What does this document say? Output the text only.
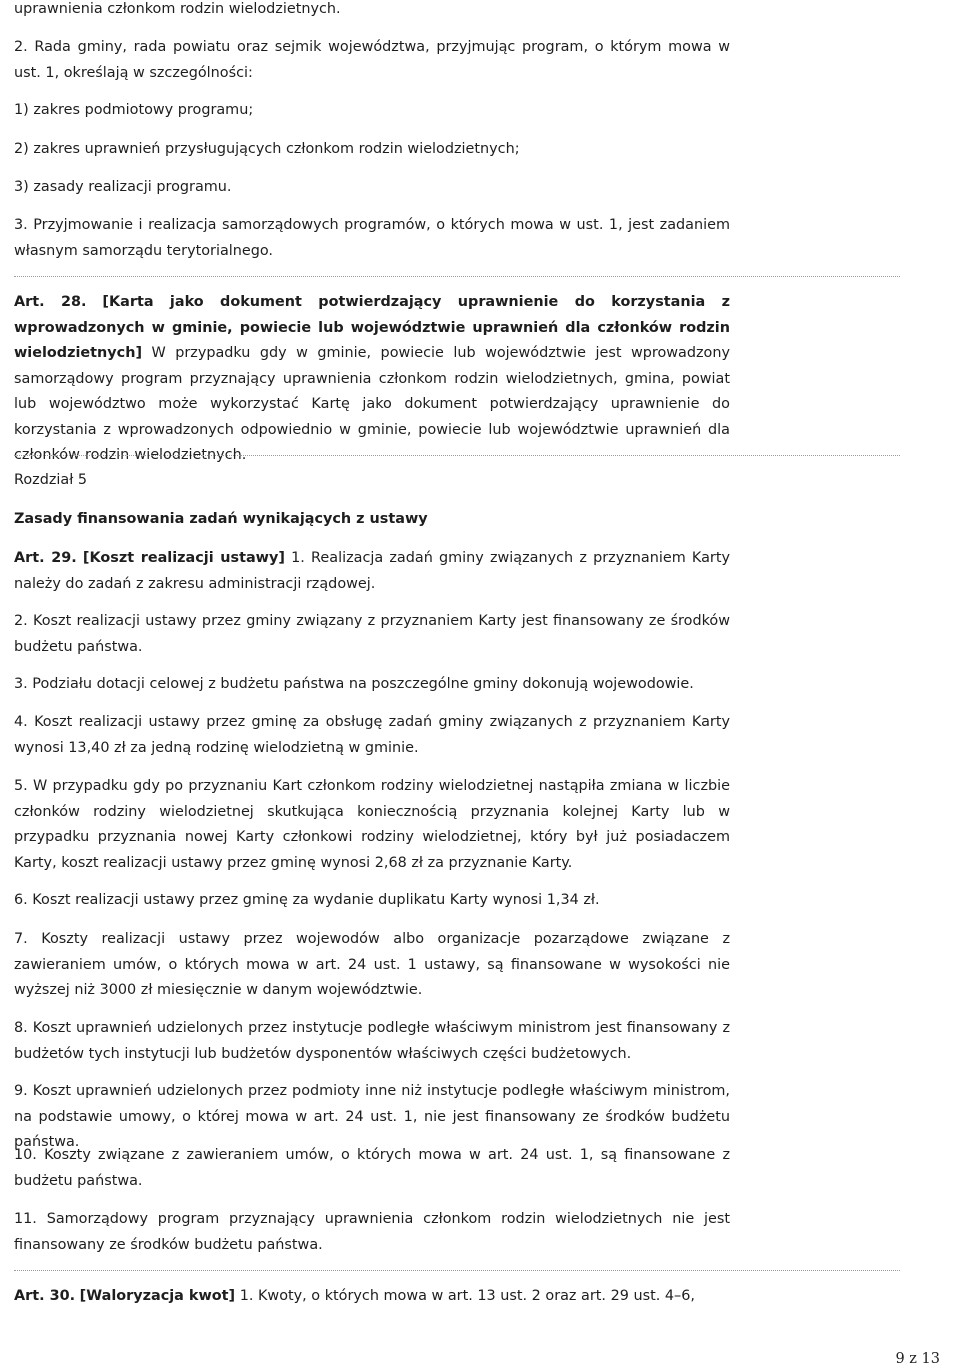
uprawnienia członkom rodzin wielodzietnych.

2. Rada gminy, rada powiatu oraz sejmik województwa, przyjmując program, o którym mowa w ust. 1, określają w szczególności:

1) zakres podmiotowy programu;

2) zakres uprawnień przysługujących członkom rodzin wielodzietnych;

3) zasady realizacji programu.

3. Przyjmowanie i realizacja samorządowych programów, o których mowa w ust. 1, jest zadaniem własnym samorządu terytorialnego.

Art. 28. [Karta jako dokument potwierdzający uprawnienie do korzystania z wprowadzonych w gminie, powiecie lub województwie uprawnień dla członków rodzin wielodzietnych] W przypadku gdy w gminie, powiecie lub województwie jest wprowadzony samorządowy program przyznający uprawnienia członkom rodzin wielodzietnych, gmina, powiat lub województwo może wykorzystać Kartę jako dokument potwierdzający uprawnienie do korzystania z wprowadzonych odpowiednio w gminie, powiecie lub województwie uprawnień dla członków rodzin wielodzietnych.

Rozdział 5

Zasady finansowania zadań wynikających z ustawy

Art. 29. [Koszt realizacji ustawy] 1. Realizacja zadań gminy związanych z przyznaniem Karty należy do zadań z zakresu administracji rządowej.

2. Koszt realizacji ustawy przez gminy związany z przyznaniem Karty jest finansowany ze środków budżetu państwa.

3. Podziału dotacji celowej z budżetu państwa na poszczególne gminy dokonują wojewodowie.

4. Koszt realizacji ustawy przez gminę za obsługę zadań gminy związanych z przyznaniem Karty wynosi 13,40 zł za jedną rodzinę wielodzietną w gminie.

5. W przypadku gdy po przyznaniu Kart członkom rodziny wielodzietnej nastąpiła zmiana w liczbie członków rodziny wielodzietnej skutkująca koniecznością przyznania kolejnej Karty lub w przypadku przyznania nowej Karty członkowi rodziny wielodzietnej, który był już posiadaczem Karty, koszt realizacji ustawy przez gminę wynosi 2,68 zł za przyznanie Karty.

6. Koszt realizacji ustawy przez gminę za wydanie duplikatu Karty wynosi 1,34 zł.

7. Koszty realizacji ustawy przez wojewodów albo organizacje pozarządowe związane z zawieraniem umów, o których mowa w art. 24 ust. 1 ustawy, są finansowane w wysokości nie wyższej niż 3000 zł miesięcznie w danym województwie.

8. Koszt uprawnień udzielonych przez instytucje podległe właściwym ministrom jest finansowany z budżetów tych instytucji lub budżetów dysponentów właściwych części budżetowych.

9. Koszt uprawnień udzielonych przez podmioty inne niż instytucje podległe właściwym ministrom, na podstawie umowy, o której mowa w art. 24 ust. 1, nie jest finansowany ze środków budżetu państwa.

10. Koszty związane z zawieraniem umów, o których mowa w art. 24 ust. 1, są finansowane z budżetu państwa.

11. Samorządowy program przyznający uprawnienia członkom rodzin wielodzietnych nie jest finansowany ze środków budżetu państwa.

Art. 30. [Waloryzacja kwot] 1. Kwoty, o których mowa w art. 13 ust. 2 oraz art. 29 ust. 4–6,

9 z 13
